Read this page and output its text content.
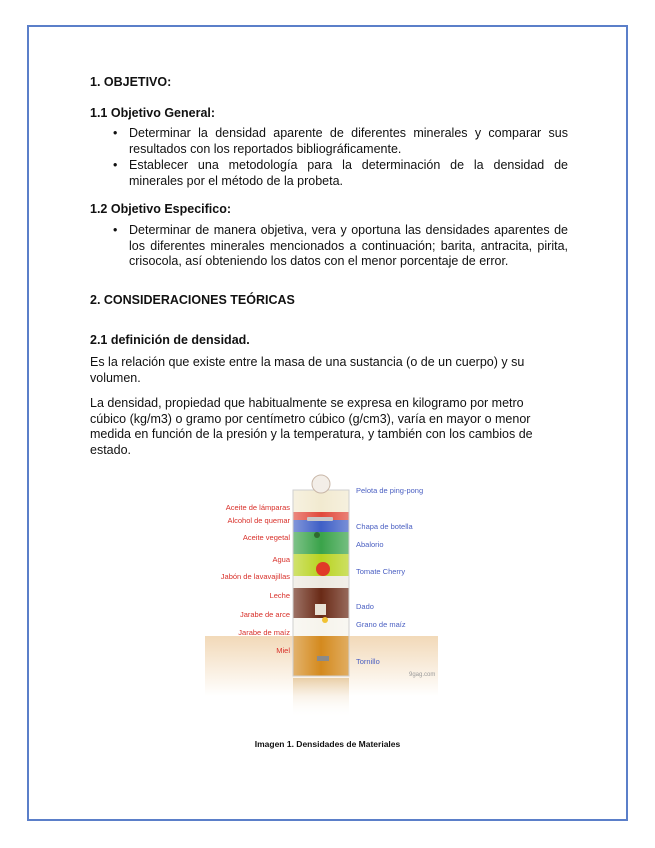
1. OBJETIVO:
1.1 Objetivo General:
• Determinar la densidad aparente de diferentes minerales y comparar sus resultados con los reportados bibliográficamente.
• Establecer una metodología para la determinación de la densidad de minerales por el método de la probeta.
1.2 Objetivo Especifico:
• Determinar de manera objetiva, vera y oportuna las densidades aparentes de los diferentes minerales mencionados a continuación; barita, antracita, pirita, crisocola, así obteniendo los datos con el menor porcentaje de error.
2. CONSIDERACIONES TEÓRICAS
2.1 definición de densidad.
Es la relación que existe entre la masa de una sustancia (o de un cuerpo) y su volumen.
La densidad, propiedad que habitualmente se expresa en kilogramo por metro cúbico (kg/m3) o gramo por centímetro cúbico (g/cm3), varía en mayor o menor medida en función de la presión y la temperatura, y también con los cambios de estado.
Aceite de lámparas
Alcohol de quemar
Aceite vegetal
Agua
Jabón de lavavajillas
Leche
Jarabe de arce
Jarabe de maíz
Miel
Pelota de ping-pong
Chapa de botella
Abalorio
Tomate Cherry
Dado
Grano de maíz
Tornillo
9gag.com
Imagen 1. Densidades de Materiales
